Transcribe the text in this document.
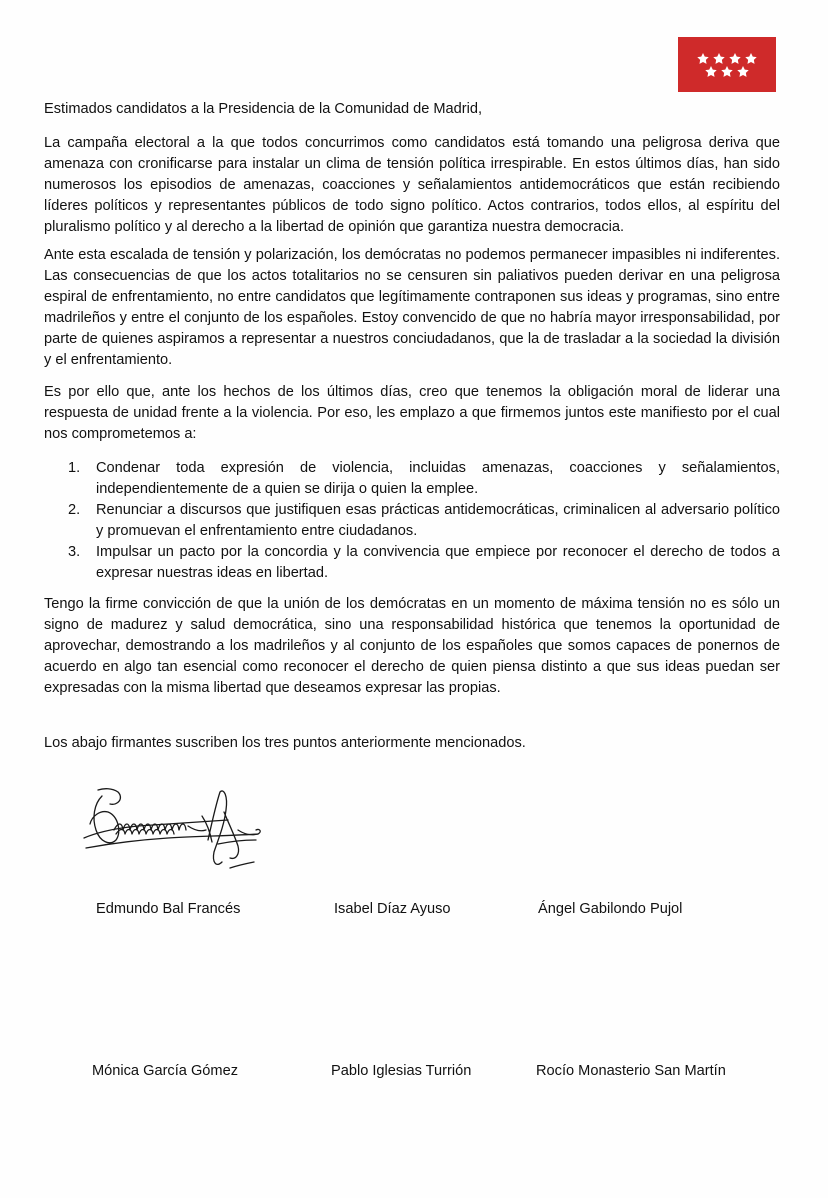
Estimados candidatos a la Presidencia de la Comunidad de Madrid,

La campaña electoral a la que todos concurrimos como candidatos está tomando una peligrosa deriva que amenaza con cronificarse para instalar un clima de tensión política irrespirable. En estos últimos días, han sido numerosos los episodios de amenazas, coacciones y señalamientos antidemocráticos que están recibiendo líderes políticos y representantes públicos de todo signo político. Actos contrarios, todos ellos, al espíritu del pluralismo político y al derecho a la libertad de opinión que garantiza nuestra democracia.

Ante esta escalada de tensión y polarización, los demócratas no podemos permanecer impasibles ni indiferentes. Las consecuencias de que los actos totalitarios no se censuren sin paliativos pueden derivar en una peligrosa espiral de enfrentamiento, no entre candidatos que legítimamente contraponen sus ideas y programas, sino entre madrileños y entre el conjunto de los españoles. Estoy convencido de que no habría mayor irresponsabilidad, por parte de quienes aspiramos a representar a nuestros conciudadanos, que la de trasladar a la sociedad la división y el enfrentamiento.

Es por ello que, ante los hechos de los últimos días, creo que tenemos la obligación moral de liderar una respuesta de unidad frente a la violencia. Por eso, les emplazo a que firmemos juntos este manifiesto por el cual nos comprometemos a:

1. Condenar toda expresión de violencia, incluidas amenazas, coacciones y señalamientos, independientemente de a quien se dirija o quien la emplee.
2. Renunciar a discursos que justifiquen esas prácticas antidemocráticas, criminalicen al adversario político y promuevan el enfrentamiento entre ciudadanos.
3. Impulsar un pacto por la concordia y la convivencia que empiece por reconocer el derecho de todos a expresar nuestras ideas en libertad.

Tengo la firme convicción de que la unión de los demócratas en un momento de máxima tensión no es sólo un signo de madurez y salud democrática, sino una responsabilidad histórica que tenemos la oportunidad de aprovechar, demostrando a los madrileños y al conjunto de los españoles que somos capaces de ponernos de acuerdo en algo tan esencial como reconocer el derecho de quien piensa distinto a que sus ideas puedan ser expresadas con la misma libertad que deseamos expresar las propias.

Los abajo firmantes suscriben los tres puntos anteriormente mencionados.

Edmundo Bal Francés	Isabel Díaz Ayuso	Ángel Gabilondo Pujol
Mónica García Gómez	Pablo Iglesias Turrión	Rocío Monasterio San Martín
